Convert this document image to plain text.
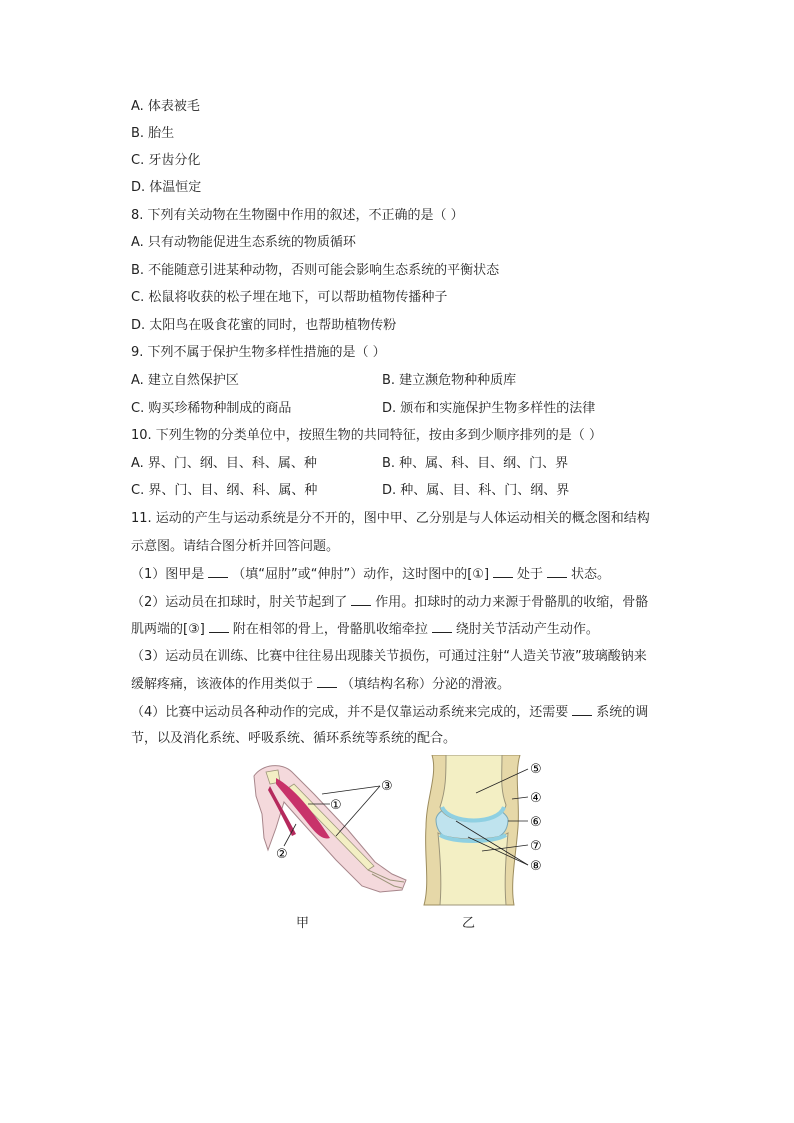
A. 体表被毛
B. 胎生
C. 牙齿分化
D. 体温恒定
8. 下列有关动物在生物圈中作用的叙述，不正确的是（ ）
A. 只有动物能促进生态系统的物质循环
B. 不能随意引进某种动物，否则可能会影响生态系统的平衡状态
C. 松鼠将收获的松子埋在地下，可以帮助植物传播种子
D. 太阳鸟在吸食花蜜的同时，也帮助植物传粉
9. 下列不属于保护生物多样性措施的是（ ）
A. 建立自然保护区	B. 建立濒危物种种质库
C. 购买珍稀物种制成的商品	D. 颁布和实施保护生物多样性的法律
10. 下列生物的分类单位中，按照生物的共同特征，按由多到少顺序排列的是（ ）
A. 界、门、纲、目、科、属、种	B. 种、属、科、目、纲、门、界
C. 界、门、目、纲、科、属、种	D. 种、属、目、科、门、纲、界
11. 运动的产生与运动系统是分不开的，图中甲、乙分别是与人体运动相关的概念图和结构
示意图。请结合图分析并回答问题。
（1）图甲是 （填“屈肘”或“伸肘”）动作，这时图中的[①] 处于 状态。
（2）运动员在扣球时，肘关节起到了 作用。扣球时的动力来源于骨骼肌的收缩，骨骼
肌两端的[③] 附在相邻的骨上，骨骼肌收缩牵拉 绕肘关节活动产生动作。
（3）运动员在训练、比赛中往往易出现膝关节损伤，可通过注射“人造关节液”玻璃酸钠来
缓解疼痛，该液体的作用类似于 （填结构名称）分泌的滑液。
（4）比赛中运动员各种动作的完成，并不是仅靠运动系统来完成的，还需要 系统的调
节，以及消化系统、呼吸系统、循环系统等系统的配合。
③
①
②
⑤
④
⑥
⑦
⑧
甲	乙
